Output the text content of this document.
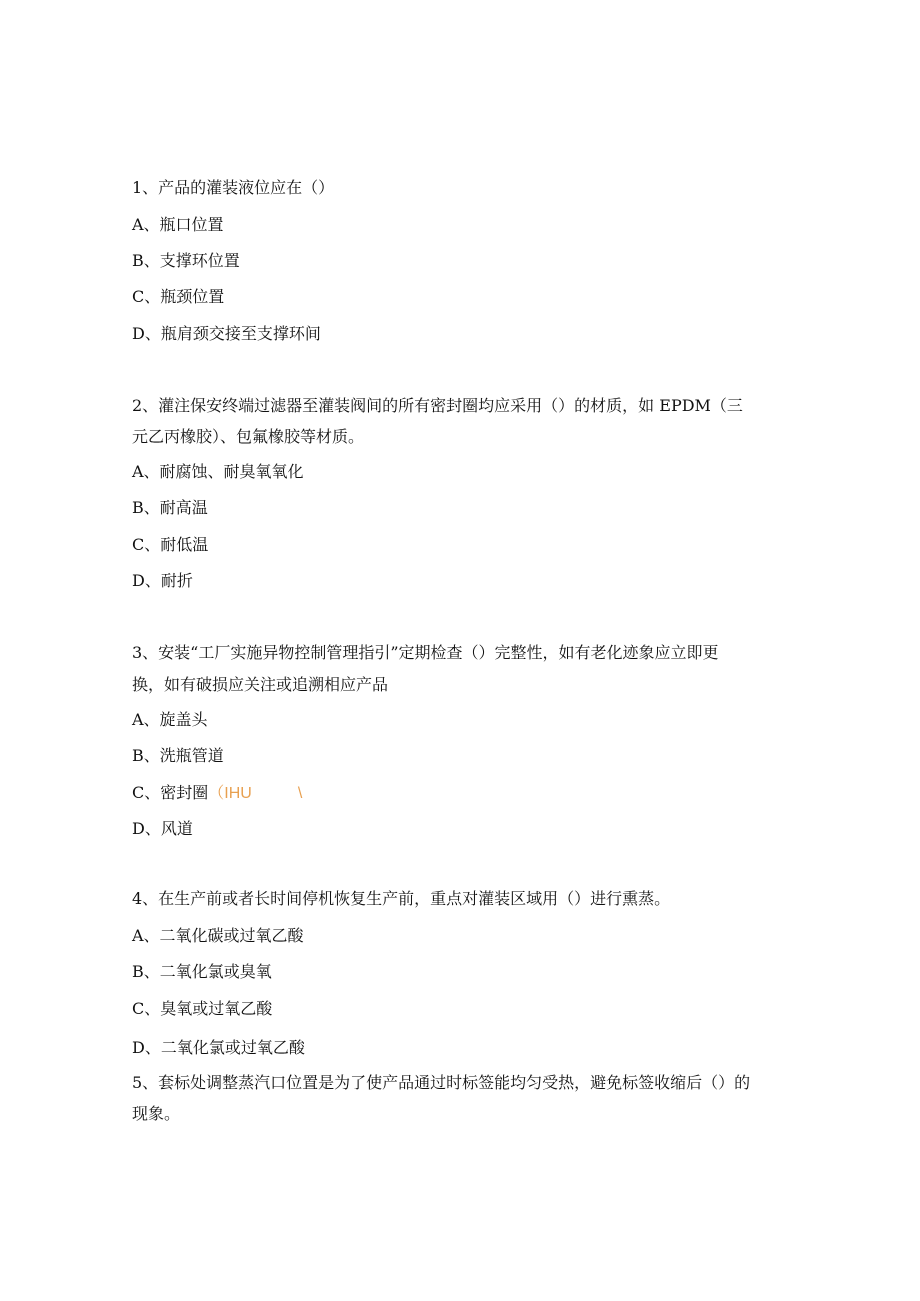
1、产品的灌装液位应在（）
A、瓶口位置
B、支撑环位置
C、瓶颈位置
D、瓶肩颈交接至支撑环间
2、灌注保安终端过滤器至灌装阀间的所有密封圈均应采用（）的材质，如 EPDM（三
元乙丙橡胶）、包氟橡胶等材质。
A、耐腐蚀、耐臭氧氧化
B、耐高温
C、耐低温
D、耐折
3、安装“工厂实施异物控制管理指引”定期检查（）完整性，如有老化迹象应立即更
换，如有破损应关注或追溯相应产品
A、旋盖头
B、洗瓶管道
C、密封圈（IHU	\
D、风道
4、在生产前或者长时间停机恢复生产前，重点对灌装区域用（）进行熏蒸。
A、二氧化碳或过氧乙酸
B、二氧化氯或臭氧
C、臭氧或过氧乙酸
D、二氧化氯或过氧乙酸
5、套标处调整蒸汽口位置是为了使产品通过时标签能均匀受热，避免标签收缩后（）的
现象。
